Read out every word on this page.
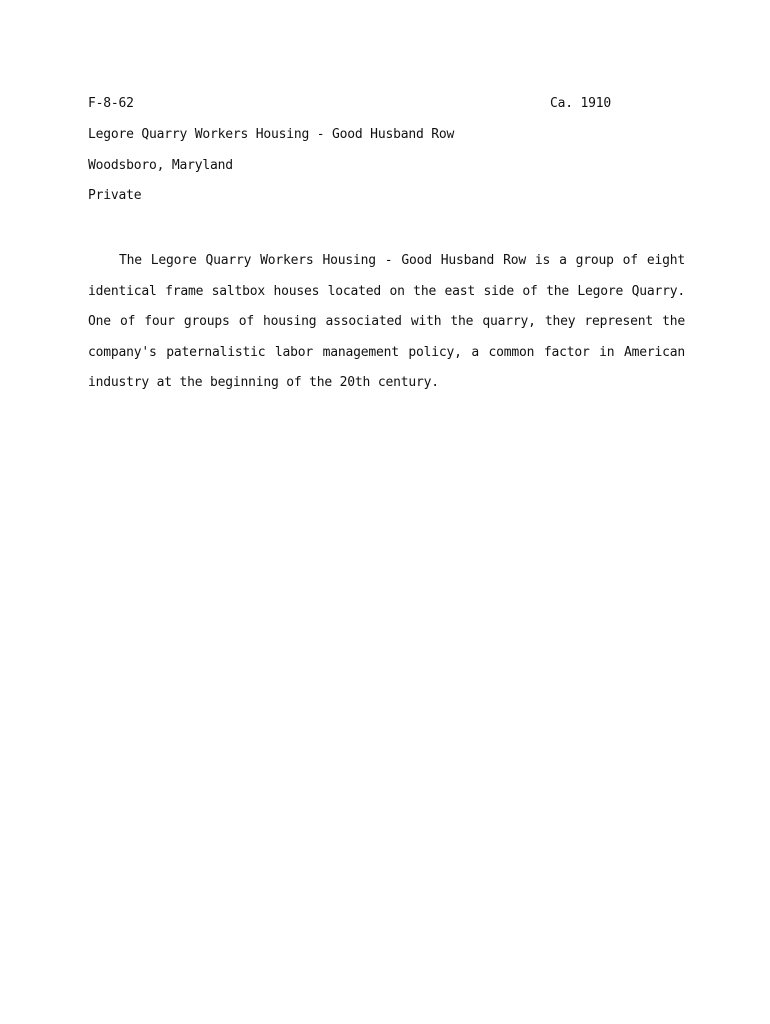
F-8-62	Ca. 1910
Legore Quarry Workers Housing - Good Husband Row
Woodsboro, Maryland
Private

The Legore Quarry Workers Housing - Good Husband Row is a group of eight identical frame saltbox houses located on the east side of the Legore Quarry. One of four groups of housing associated with the quarry, they represent the company's paternalistic labor management policy, a common factor in American industry at the beginning of the 20th century.
